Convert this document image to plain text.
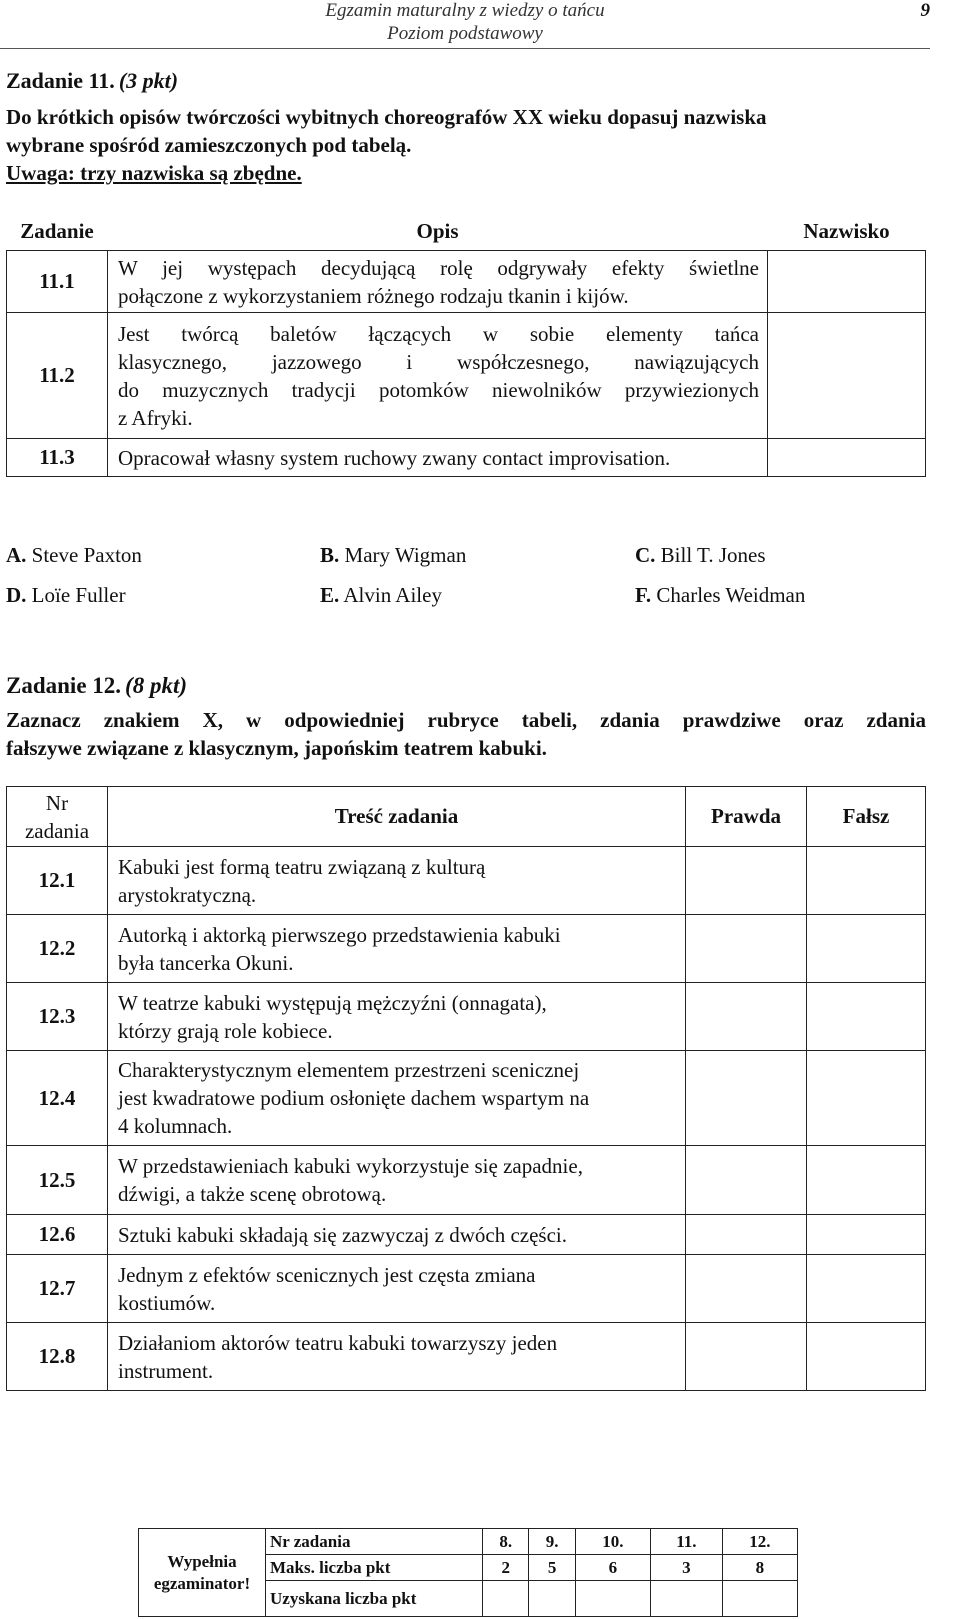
Egzamin maturalny z wiedzy o tańcu
Poziom podstawowy
9
Zadanie 11. (3 pkt)
Do krótkich opisów twórczości wybitnych choreografów XX wieku dopasuj nazwiska
wybrane spośród zamieszczonych pod tabelą.
Uwaga: trzy nazwiska są zbędne.
Zadanie	Opis	Nazwisko
11.1	W jej występach decydującą rolę odgrywały efekty świetlne
połączone z wykorzystaniem różnego rodzaju tkanin i kijów.	

11.2	Jest twórcą baletów łączących w sobie elementy tańca
klasycznego, jazzowego i współczesnego, nawiązujących
do muzycznych tradycji potomków niewolników przywiezionych
z Afryki.	

11.3	Opracował własny system ruchowy zwany contact improvisation.	

A. Steve Paxton	B. Mary Wigman	C. Bill T. Jones
D. Loïe Fuller	E. Alvin Ailey	F. Charles Weidman
Zadanie 12. (8 pkt)
Zaznacz znakiem X, w odpowiedniej rubryce tabeli, zdania prawdziwe oraz zdania
fałszywe związane z klasycznym, japońskim teatrem kabuki.
Nr
zadania	Treść zadania	Prawda	Fałsz
12.1	Kabuki jest formą teatru związaną z kulturą
arystokratyczną.		

12.2	Autorką i aktorką pierwszego przedstawienia kabuki
była tancerka Okuni.		

12.3	W teatrze kabuki występują mężczyźni (onnagata),
którzy grają role kobiece.		

12.4	Charakterystycznym elementem przestrzeni scenicznej
jest kwadratowe podium osłonięte dachem wspartym na
4 kolumnach.		

12.5	W przedstawieniach kabuki wykorzystuje się zapadnie,
dźwigi, a także scenę obrotową.		

12.6	Sztuki kabuki składają się zazwyczaj z dwóch części.		

12.7	Jednym z efektów scenicznych jest częsta zmiana
kostiumów.		

12.8	Działaniom aktorów teatru kabuki towarzyszy jeden
instrument.		

Wypełnia
egzaminator!	Nr zadania	8.	9.	10.	11.	12.
	Maks. liczba pkt	2	5	6	3	8
	Uzyskana liczba pkt					
